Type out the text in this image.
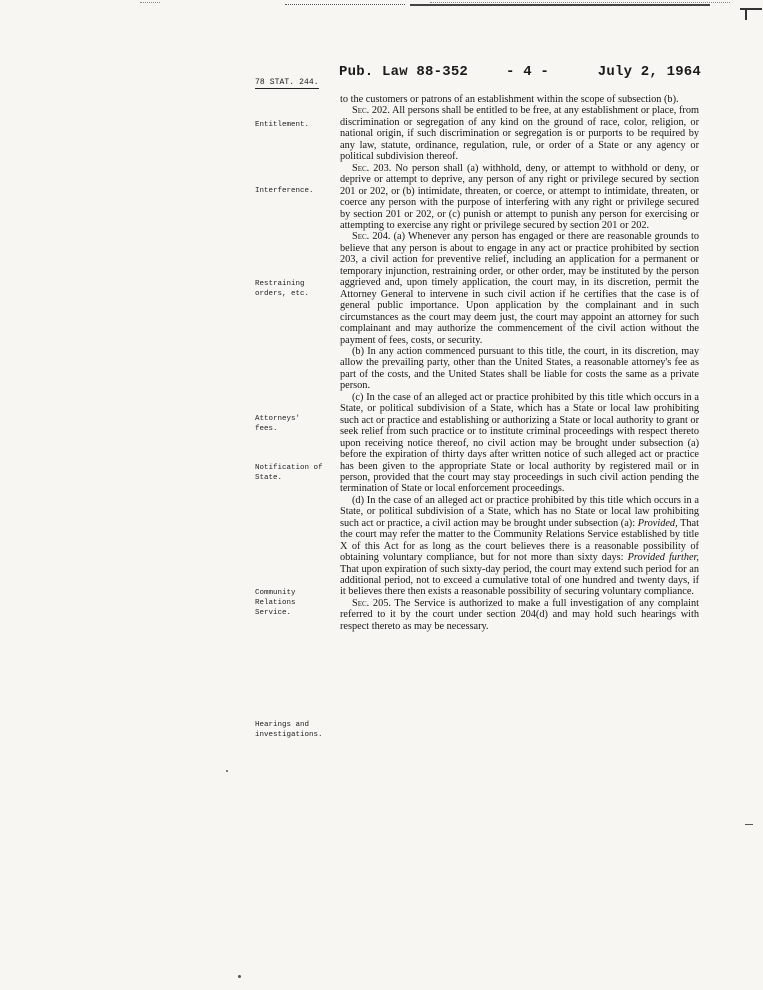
Pub. Law 88-352	- 4 -	July 2, 1964
78 STAT. 244.
Entitlement.
Interference.
Restraining orders, etc.
Attorneys' fees.
Notification of State.
Community Relations Service.
Hearings and investigations.

to the customers or patrons of an establishment within the scope of subsection (b).

Sec. 202. All persons shall be entitled to be free, at any establishment or place, from discrimination or segregation of any kind on the ground of race, color, religion, or national origin, if such discrimination or segregation is or purports to be required by any law, statute, ordinance, regulation, rule, or order of a State or any agency or political subdivision thereof.

Sec. 203. No person shall (a) withhold, deny, or attempt to withhold or deny, or deprive or attempt to deprive, any person of any right or privilege secured by section 201 or 202, or (b) intimidate, threaten, or coerce, or attempt to intimidate, threaten, or coerce any person with the purpose of interfering with any right or privilege secured by section 201 or 202, or (c) punish or attempt to punish any person for exercising or attempting to exercise any right or privilege secured by section 201 or 202.

Sec. 204. (a) Whenever any person has engaged or there are reasonable grounds to believe that any person is about to engage in any act or practice prohibited by section 203, a civil action for preventive relief, including an application for a permanent or temporary injunction, restraining order, or other order, may be instituted by the person aggrieved and, upon timely application, the court may, in its discretion, permit the Attorney General to intervene in such civil action if he certifies that the case is of general public importance. Upon application by the complainant and in such circumstances as the court may deem just, the court may appoint an attorney for such complainant and may authorize the commencement of the civil action without the payment of fees, costs, or security.

(b) In any action commenced pursuant to this title, the court, in its discretion, may allow the prevailing party, other than the United States, a reasonable attorney's fee as part of the costs, and the United States shall be liable for costs the same as a private person.

(c) In the case of an alleged act or practice prohibited by this title which occurs in a State, or political subdivision of a State, which has a State or local law prohibiting such act or practice and establishing or authorizing a State or local authority to grant or seek relief from such practice or to institute criminal proceedings with respect thereto upon receiving notice thereof, no civil action may be brought under subsection (a) before the expiration of thirty days after written notice of such alleged act or practice has been given to the appropriate State or local authority by registered mail or in person, provided that the court may stay proceedings in such civil action pending the termination of State or local enforcement proceedings.

(d) In the case of an alleged act or practice prohibited by this title which occurs in a State, or political subdivision of a State, which has no State or local law prohibiting such act or practice, a civil action may be brought under subsection (a): Provided, That the court may refer the matter to the Community Relations Service established by title X of this Act for as long as the court believes there is a reasonable possibility of obtaining voluntary compliance, but for not more than sixty days: Provided further, That upon expiration of such sixty-day period, the court may extend such period for an additional period, not to exceed a cumulative total of one hundred and twenty days, if it believes there then exists a reasonable possibility of securing voluntary compliance.

Sec. 205. The Service is authorized to make a full investigation of any complaint referred to it by the court under section 204(d) and may hold such hearings with respect thereto as may be necessary.
